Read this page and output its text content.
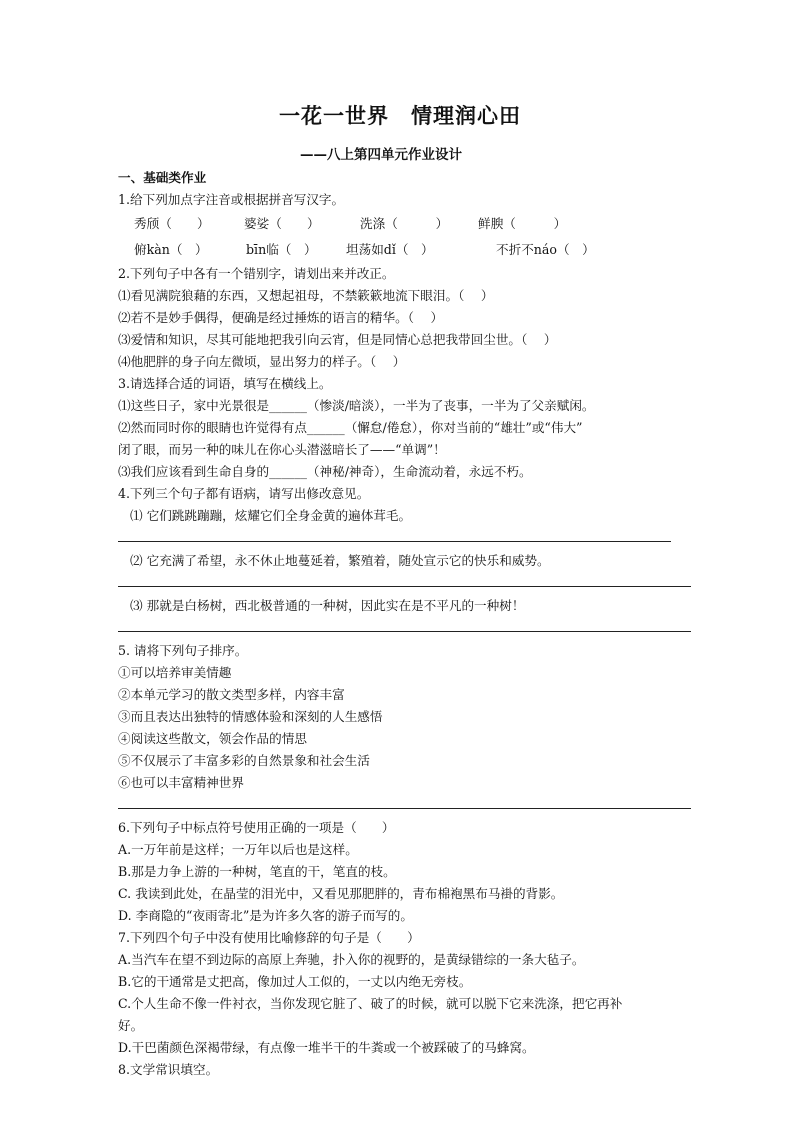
一花一世界　情理润心田
——八上第四单元作业设计
一、基础类作业
1.给下列加点字注音或根据拼音写汉字。
秀颀（　　）	婆娑（　　）	洗涤（　　　）	鲜腴（　　　）
俯kàn（　）	bīn临（　）	坦荡如dǐ（　）	不折不náo（　）
2.下列句子中各有一个错别字，请划出来并改正。
⑴看见满院狼藉的东西，又想起祖母，不禁簌簌地流下眼泪。（　 ）
⑵若不是妙手偶得，便确是经过捶炼的语言的精华。（　 ）
⑶爱情和知识，尽其可能地把我引向云宵，但是同情心总把我带回尘世。（　 ）
⑷他肥胖的身子向左微顷，显出努力的样子。（　 ）
3.请选择合适的词语，填写在横线上。
⑴这些日子，家中光景很是______（惨淡/暗淡），一半为了丧事，一半为了父亲赋闲。
⑵然而同时你的眼睛也许觉得有点______（懈怠/倦怠），你对当前的“雄壮”或“伟大”
闭了眼，而另一种的味儿在你心头潜滋暗长了——“单调”！
⑶我们应该看到生命自身的______（神秘/神奇），生命流动着，永远不朽。
4.下列三个句子都有语病，请写出修改意见。
⑴ 它们跳跳蹦蹦，炫耀它们全身金黄的遍体茸毛。
⑵ 它充满了希望，永不休止地蔓延着，繁殖着，随处宣示它的快乐和威势。
⑶ 那就是白杨树，西北极普通的一种树，因此实在是不平凡的一种树！
5. 请将下列句子排序。
①可以培养审美情趣
②本单元学习的散文类型多样，内容丰富
③而且表达出独特的情感体验和深刻的人生感悟
④阅读这些散文，领会作品的情思
⑤不仅展示了丰富多彩的自然景象和社会生活
⑥也可以丰富精神世界
6.下列句子中标点符号使用正确的一项是（　　）
A.一万年前是这样；一万年以后也是这样。
B.那是力争上游的一种树，笔直的干，笔直的枝。
C. 我读到此处，在晶莹的泪光中，又看见那肥胖的，青布棉袍黑布马褂的背影。
D. 李商隐的“夜雨寄北”是为许多久客的游子而写的。
7.下列四个句子中没有使用比喻修辞的句子是（　　）
A.当汽车在望不到边际的高原上奔驰，扑入你的视野的，是黄绿错综的一条大毡子。
B.它的干通常是丈把高，像加过人工似的，一丈以内绝无旁枝。
C.个人生命不像一件衬衣，当你发现它脏了、破了的时候，就可以脱下它来洗涤，把它再补
好。
D.干巴菌颜色深褐带绿，有点像一堆半干的牛粪或一个被踩破了的马蜂窝。
8.文学常识填空。
